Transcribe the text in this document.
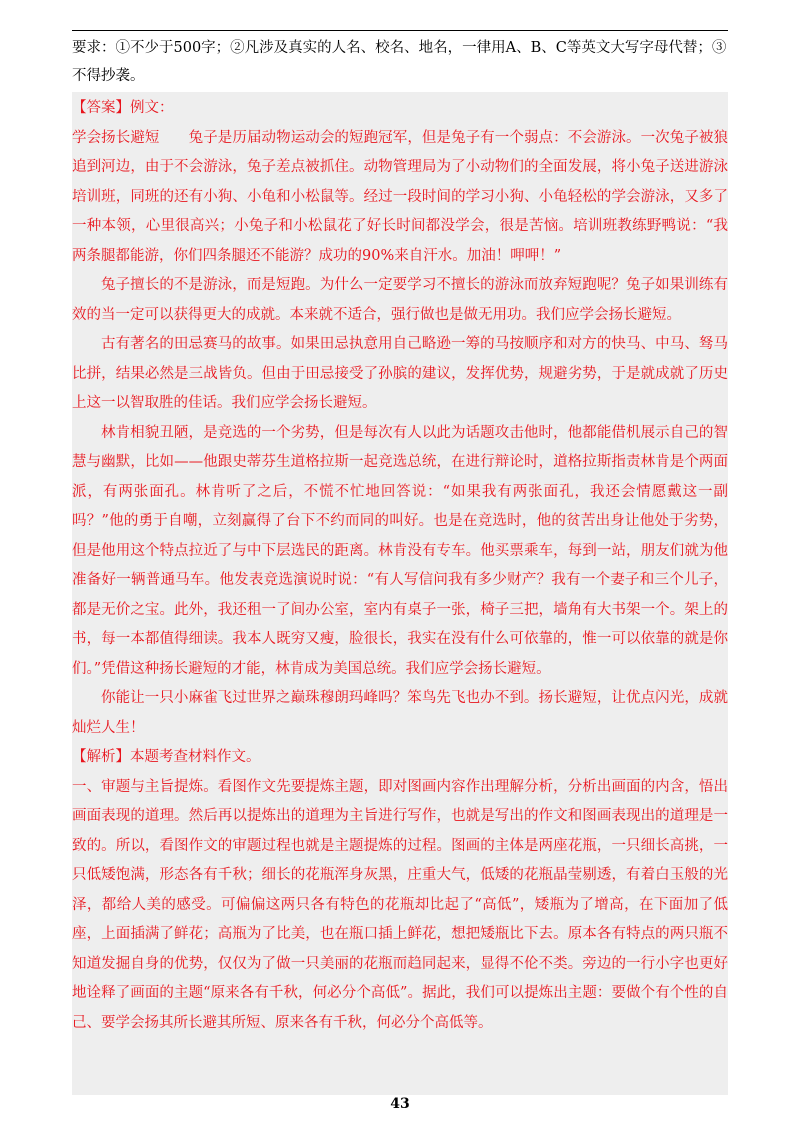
要求：①不少于500字；②凡涉及真实的人名、校名、地名，一律用A、B、C等英文大写字母代替；③不得抄袭。

【答案】例文：

学会扬长避短　　兔子是历届动物运动会的短跑冠军，但是兔子有一个弱点：不会游泳。一次兔子被狼追到河边，由于不会游泳，兔子差点被抓住。动物管理局为了小动物们的全面发展，将小兔子送进游泳培训班，同班的还有小狗、小龟和小松鼠等。经过一段时间的学习小狗、小龟轻松的学会游泳，又多了一种本领，心里很高兴；小兔子和小松鼠花了好长时间都没学会，很是苦恼。培训班教练野鸭说：“我两条腿都能游，你们四条腿还不能游？成功的90%来自汗水。加油！呷呷！”

兔子擅长的不是游泳，而是短跑。为什么一定要学习不擅长的游泳而放弃短跑呢？兔子如果训练有效的当一定可以获得更大的成就。本来就不适合，强行做也是做无用功。我们应学会扬长避短。

古有著名的田忌赛马的故事。如果田忌执意用自己略逊一筹的马按顺序和对方的快马、中马、驽马比拼，结果必然是三战皆负。但由于田忌接受了孙膑的建议，发挥优势，规避劣势，于是就成就了历史上这一以智取胜的佳话。我们应学会扬长避短。

林肯相貌丑陋，是竞选的一个劣势，但是每次有人以此为话题攻击他时，他都能借机展示自己的智慧与幽默，比如——他跟史蒂芬生道格拉斯一起竞选总统，在进行辩论时，道格拉斯指责林肯是个两面派，有两张面孔。林肯听了之后，不慌不忙地回答说：“如果我有两张面孔，我还会情愿戴这一副吗？”他的勇于自嘲，立刻赢得了台下不约而同的叫好。也是在竞选时，他的贫苦出身让他处于劣势，但是他用这个特点拉近了与中下层选民的距离。林肯没有专车。他买票乘车，每到一站，朋友们就为他准备好一辆普通马车。他发表竞选演说时说：“有人写信问我有多少财产？我有一个妻子和三个儿子，都是无价之宝。此外，我还租一了间办公室，室内有桌子一张，椅子三把，墙角有大书架一个。架上的书，每一本都值得细读。我本人既穷又瘦，脸很长，我实在没有什么可依靠的，惟一可以依靠的就是你们。”凭借这种扬长避短的才能，林肯成为美国总统。我们应学会扬长避短。

你能让一只小麻雀飞过世界之巅珠穆朗玛峰吗？笨鸟先飞也办不到。扬长避短，让优点闪光，成就灿烂人生！

【解析】本题考查材料作文。

一、审题与主旨提炼。看图作文先要提炼主题，即对图画内容作出理解分析，分析出画面的内含，悟出画面表现的道理。然后再以提炼出的道理为主旨进行写作，也就是写出的作文和图画表现出的道理是一致的。所以，看图作文的审题过程也就是主题提炼的过程。图画的主体是两座花瓶，一只细长高挑，一只低矮饱满，形态各有千秋；细长的花瓶浑身灰黑，庄重大气，低矮的花瓶晶莹剔透，有着白玉般的光泽，都给人美的感受。可偏偏这两只各有特色的花瓶却比起了“高低”，矮瓶为了增高，在下面加了低座，上面插满了鲜花；高瓶为了比美，也在瓶口插上鲜花，想把矮瓶比下去。原本各有特点的两只瓶不知道发掘自身的优势，仅仅为了做一只美丽的花瓶而趋同起来，显得不伦不类。旁边的一行小字也更好地诠释了画面的主题“原来各有千秋，何必分个高低”。据此，我们可以提炼出主题：要做个有个性的自己、要学会扬其所长避其所短、原来各有千秋，何必分个高低等。

43
